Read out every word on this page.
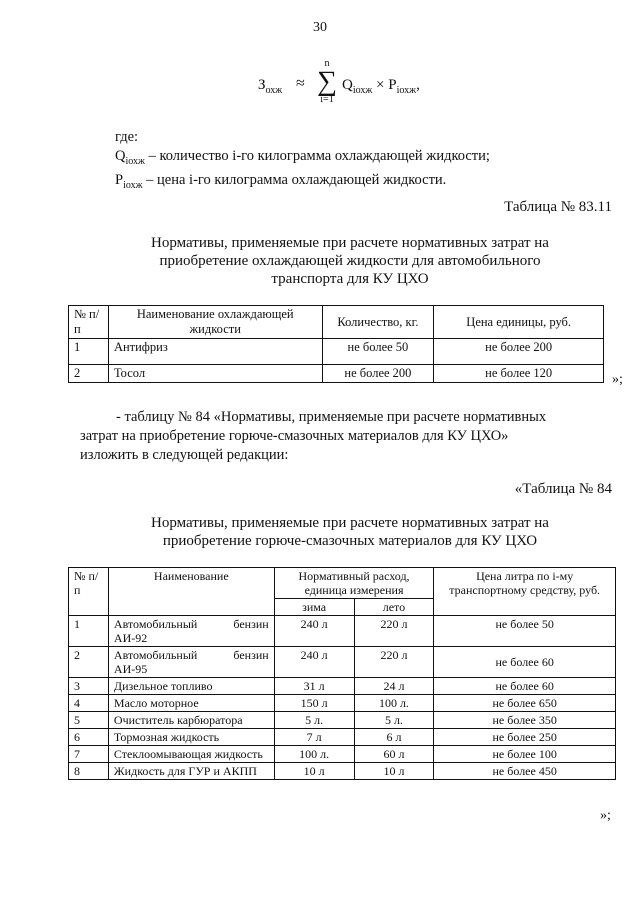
30
$З_{охж}$ ≈
n
∑
i=1
$Q_{iохж} \times P_{iохж}$,
где:
$Q_{iохж}$ – количество i-го килограмма охлаждающей жидкости;
$P_{iохж}$ – цена i-го килограмма охлаждающей жидкости.
Таблица № 83.11
Нормативы, применяемые при расчете нормативных затрат на
приобретение охлаждающей жидкости для автомобильного
транспорта для КУ ЦХО
№ п/п	Наименование охлаждающей жидкости	Количество, кг.	Цена единицы, руб.
1	Антифриз	не более 50	не более 200
2	Тосол	не более 200	не более 120	»;
- таблицу № 84 «Нормативы, применяемые при расчете нормативных
затрат на приобретение горюче-смазочных материалов для КУ ЦХО»
изложить в следующей редакции:
«Таблица № 84
Нормативы, применяемые при расчете нормативных затрат на
приобретение горюче-смазочных материалов для КУ ЦХО
№ п/п	Наименование	Нормативный расход, единица измерения		Цена литра по i-му транспортному средству, руб.
		зима	лето	
1	Автомобильный бензин АИ-92	240 л	220 л	не более 50
2	Автомобильный бензин АИ-95	240 л	220 л	не более 60
3	Дизельное топливо	31 л	24 л	не более 60
4	Масло моторное	150 л	100 л.	не более 650
5	Очиститель карбюратора	5 л.	5 л.	не более 350
6	Тормозная жидкость	7 л	6 л	не более 250
7	Стеклоомывающая жидкость	100 л.	60 л	не более 100
8	Жидкость для ГУР и АКПП	10 л	10 л	не более 450
»;
